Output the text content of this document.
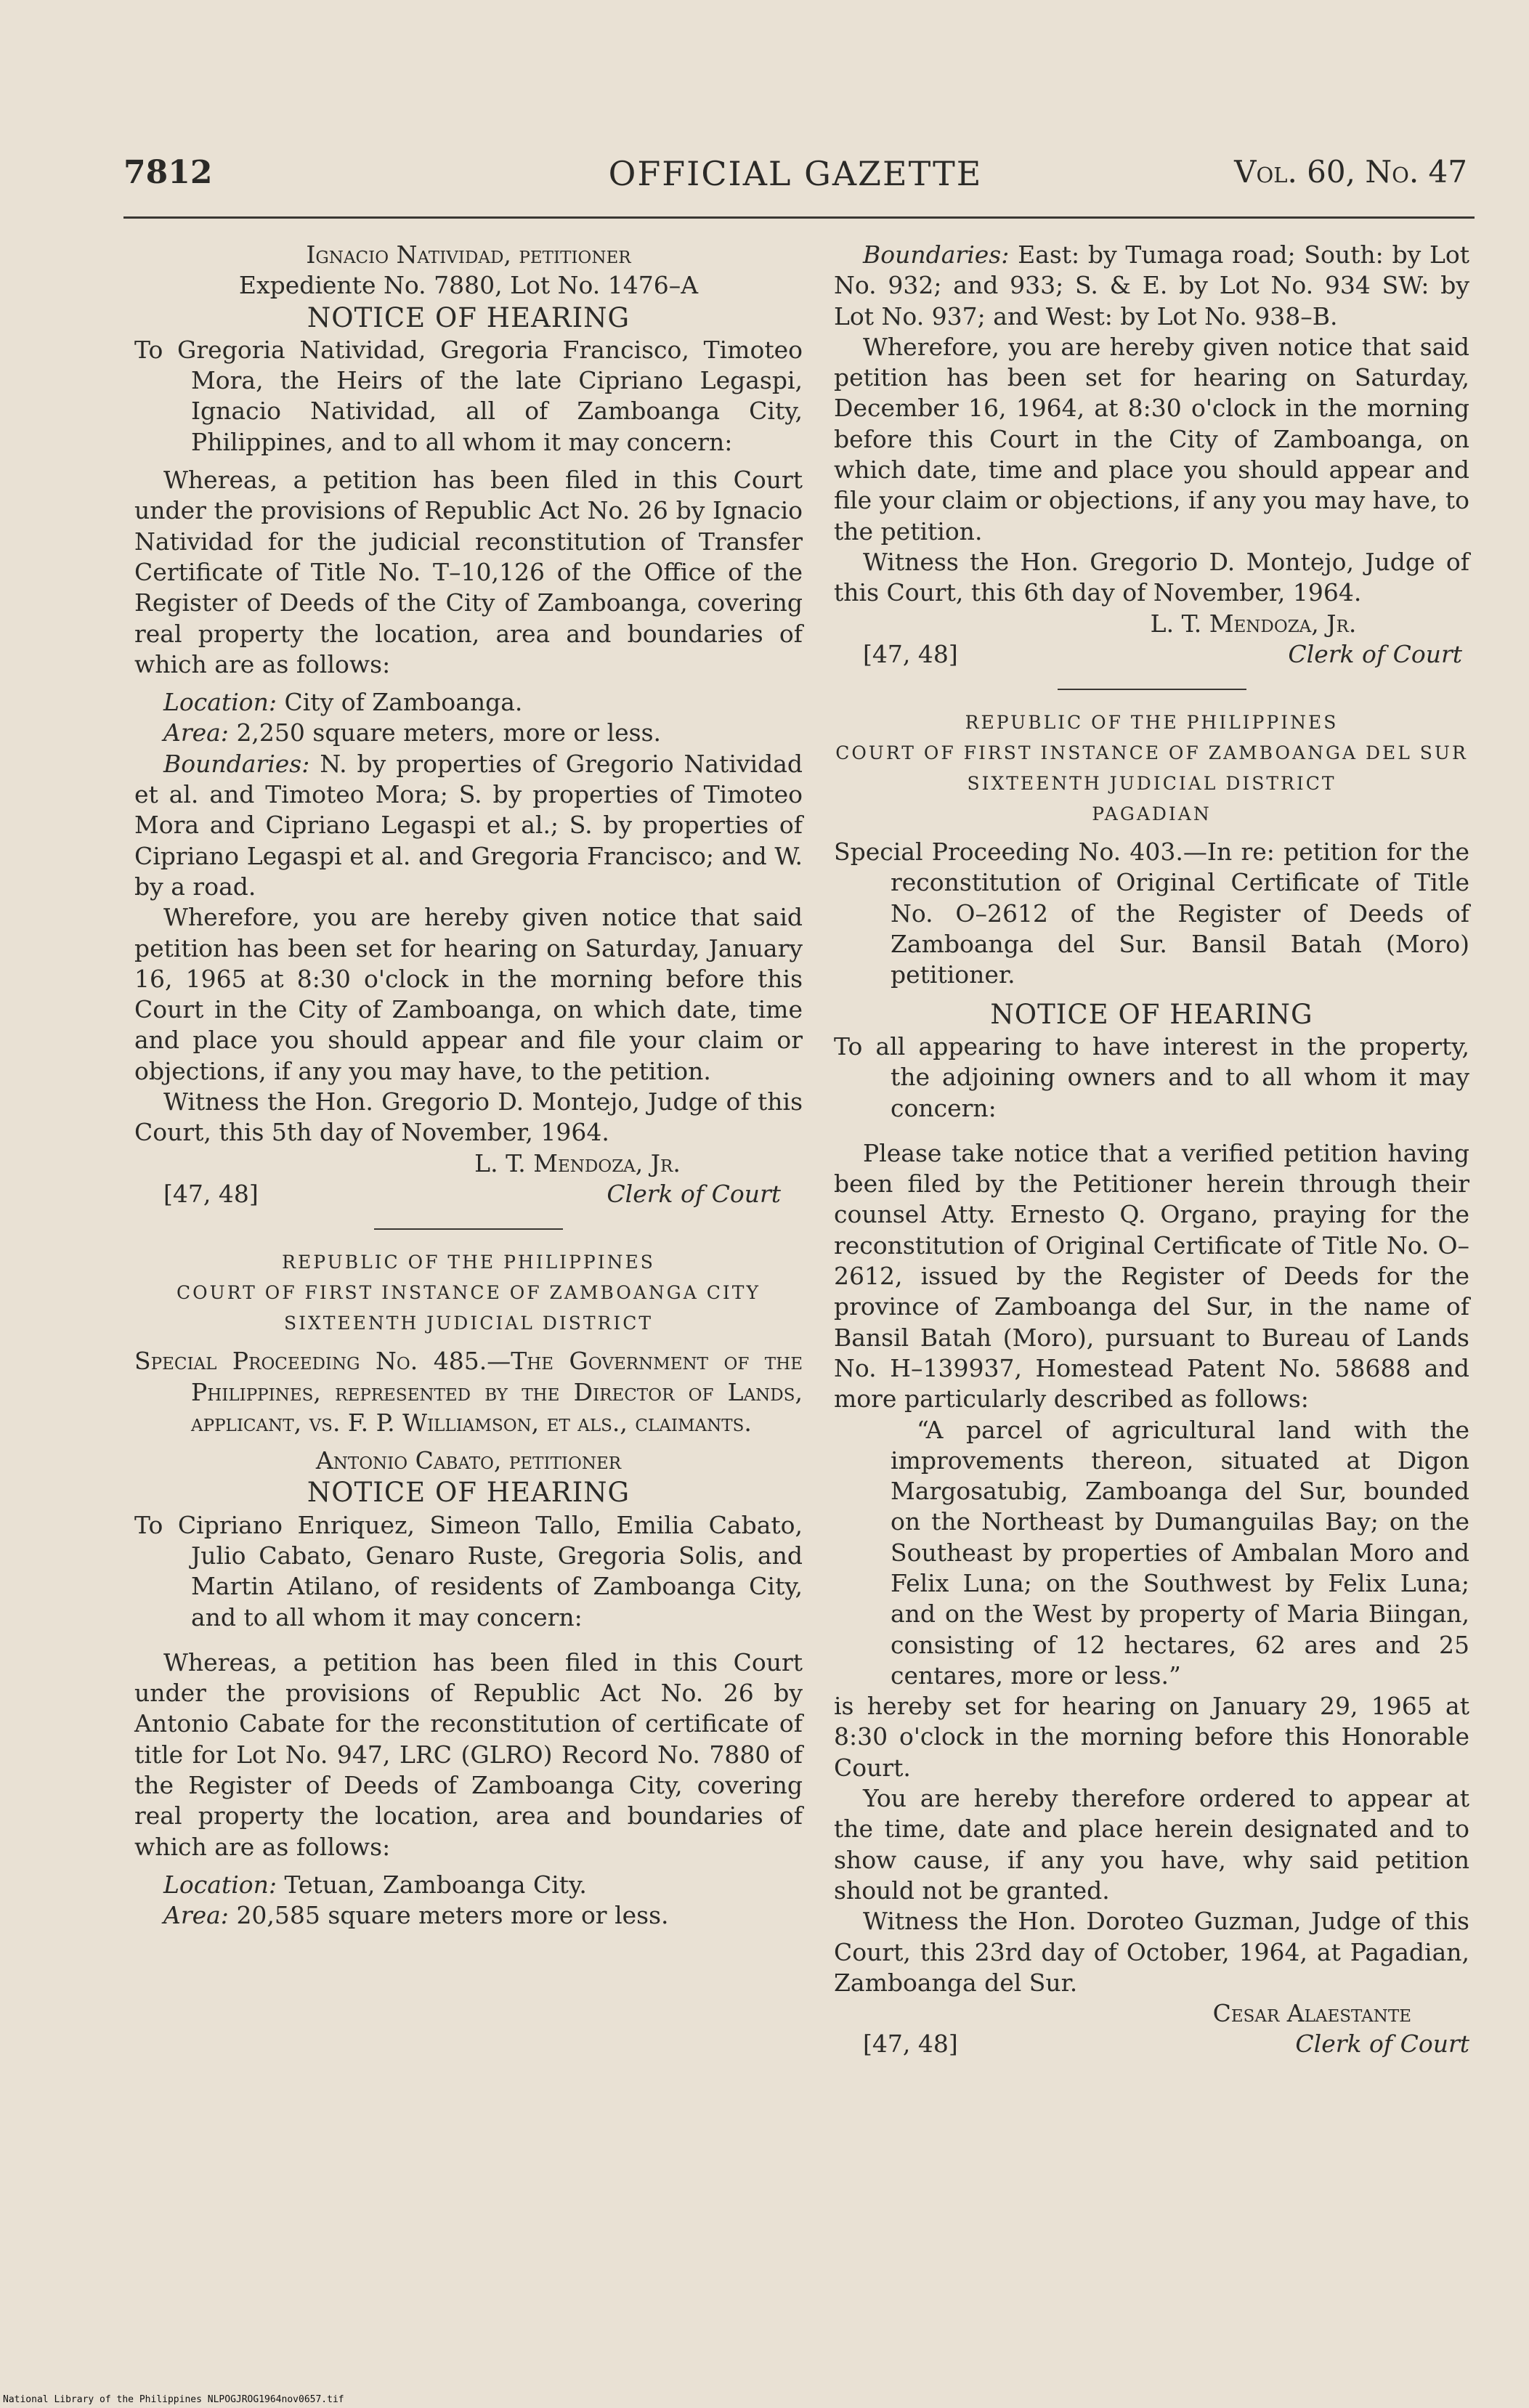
7812	OFFICIAL GAZETTE	Vol. 60, No. 47

Ignacio Natividad, petitioner

Expediente No. 7880, Lot No. 1476–A

NOTICE OF HEARING

To Gregoria Natividad, Gregoria Francisco, Timoteo Mora, the Heirs of the late Cipriano Legaspi, Ignacio Natividad, all of Zamboanga City, Philippines, and to all whom it may concern:

Whereas, a petition has been filed in this Court under the provisions of Republic Act No. 26 by Ignacio Natividad for the judicial reconstitution of Transfer Certificate of Title No. T–10,126 of the Office of the Register of Deeds of the City of Zamboanga, covering real property the location, area and boundaries of which are as follows:

Location: City of Zamboanga.

Area: 2,250 square meters, more or less.

Boundaries: N. by properties of Gregorio Natividad et al. and Timoteo Mora; S. by properties of Timoteo Mora and Cipriano Legaspi et al.; S. by properties of Cipriano Legaspi et al. and Gregoria Francisco; and W. by a road.

Wherefore, you are hereby given notice that said petition has been set for hearing on Saturday, January 16, 1965 at 8:30 o'clock in the morning before this Court in the City of Zamboanga, on which date, time and place you should appear and file your claim or objections, if any you may have, to the petition.

Witness the Hon. Gregorio D. Montejo, Judge of this Court, this 5th day of November, 1964.

L. T. Mendoza, Jr.

[47, 48]	Clerk of Court

REPUBLIC OF THE PHILIPPINES

COURT OF FIRST INSTANCE OF ZAMBOANGA CITY

SIXTEENTH JUDICIAL DISTRICT

Special Proceeding No. 485.—The Government of the Philippines, represented by the Director of Lands, applicant, vs. F. P. Williamson, et als., claimants.

Antonio Cabato, petitioner

NOTICE OF HEARING

To Cipriano Enriquez, Simeon Tallo, Emilia Cabato, Julio Cabato, Genaro Ruste, Gregoria Solis, and Martin Atilano, of residents of Zamboanga City, and to all whom it may concern:

Whereas, a petition has been filed in this Court under the provisions of Republic Act No. 26 by Antonio Cabate for the reconstitution of certificate of title for Lot No. 947, LRC (GLRO) Record No. 7880 of the Register of Deeds of Zamboanga City, covering real property the location, area and boundaries of which are as follows:

Location: Tetuan, Zamboanga City.

Area: 20,585 square meters more or less.

Boundaries: East: by Tumaga road; South: by Lot No. 932; and 933; S. & E. by Lot No. 934 SW: by Lot No. 937; and West: by Lot No. 938–B.

Wherefore, you are hereby given notice that said petition has been set for hearing on Saturday, December 16, 1964, at 8:30 o'clock in the morning before this Court in the City of Zamboanga, on which date, time and place you should appear and file your claim or objections, if any you may have, to the petition.

Witness the Hon. Gregorio D. Montejo, Judge of this Court, this 6th day of November, 1964.

L. T. Mendoza, Jr.

[47, 48]	Clerk of Court

REPUBLIC OF THE PHILIPPINES

COURT OF FIRST INSTANCE OF ZAMBOANGA DEL SUR

SIXTEENTH JUDICIAL DISTRICT

PAGADIAN

Special Proceeding No. 403.—In re: petition for the reconstitution of Original Certificate of Title No. O–2612 of the Register of Deeds of Zamboanga del Sur. Bansil Batah (Moro) petitioner.

NOTICE OF HEARING

To all appearing to have interest in the property, the adjoining owners and to all whom it may concern:

Please take notice that a verified petition having been filed by the Petitioner herein through their counsel Atty. Ernesto Q. Organo, praying for the reconstitution of Original Certificate of Title No. O–2612, issued by the Register of Deeds for the province of Zamboanga del Sur, in the name of Bansil Batah (Moro), pursuant to Bureau of Lands No. H–139937, Homestead Patent No. 58688 and more particularly described as follows:

“A parcel of agricultural land with the improvements thereon, situated at Digon Margosatubig, Zamboanga del Sur, bounded on the Northeast by Dumanguilas Bay; on the Southeast by properties of Ambalan Moro and Felix Luna; on the Southwest by Felix Luna; and on the West by property of Maria Biingan, consisting of 12 hectares, 62 ares and 25 centares, more or less.”

is hereby set for hearing on January 29, 1965 at 8:30 o'clock in the morning before this Honorable Court.

You are hereby therefore ordered to appear at the time, date and place herein designated and to show cause, if any you have, why said petition should not be granted.

Witness the Hon. Doroteo Guzman, Judge of this Court, this 23rd day of October, 1964, at Pagadian, Zamboanga del Sur.

Cesar Alaestante

[47, 48]	Clerk of Court
National Library of the Philippines NLPOGJROG1964nov0657.tif
